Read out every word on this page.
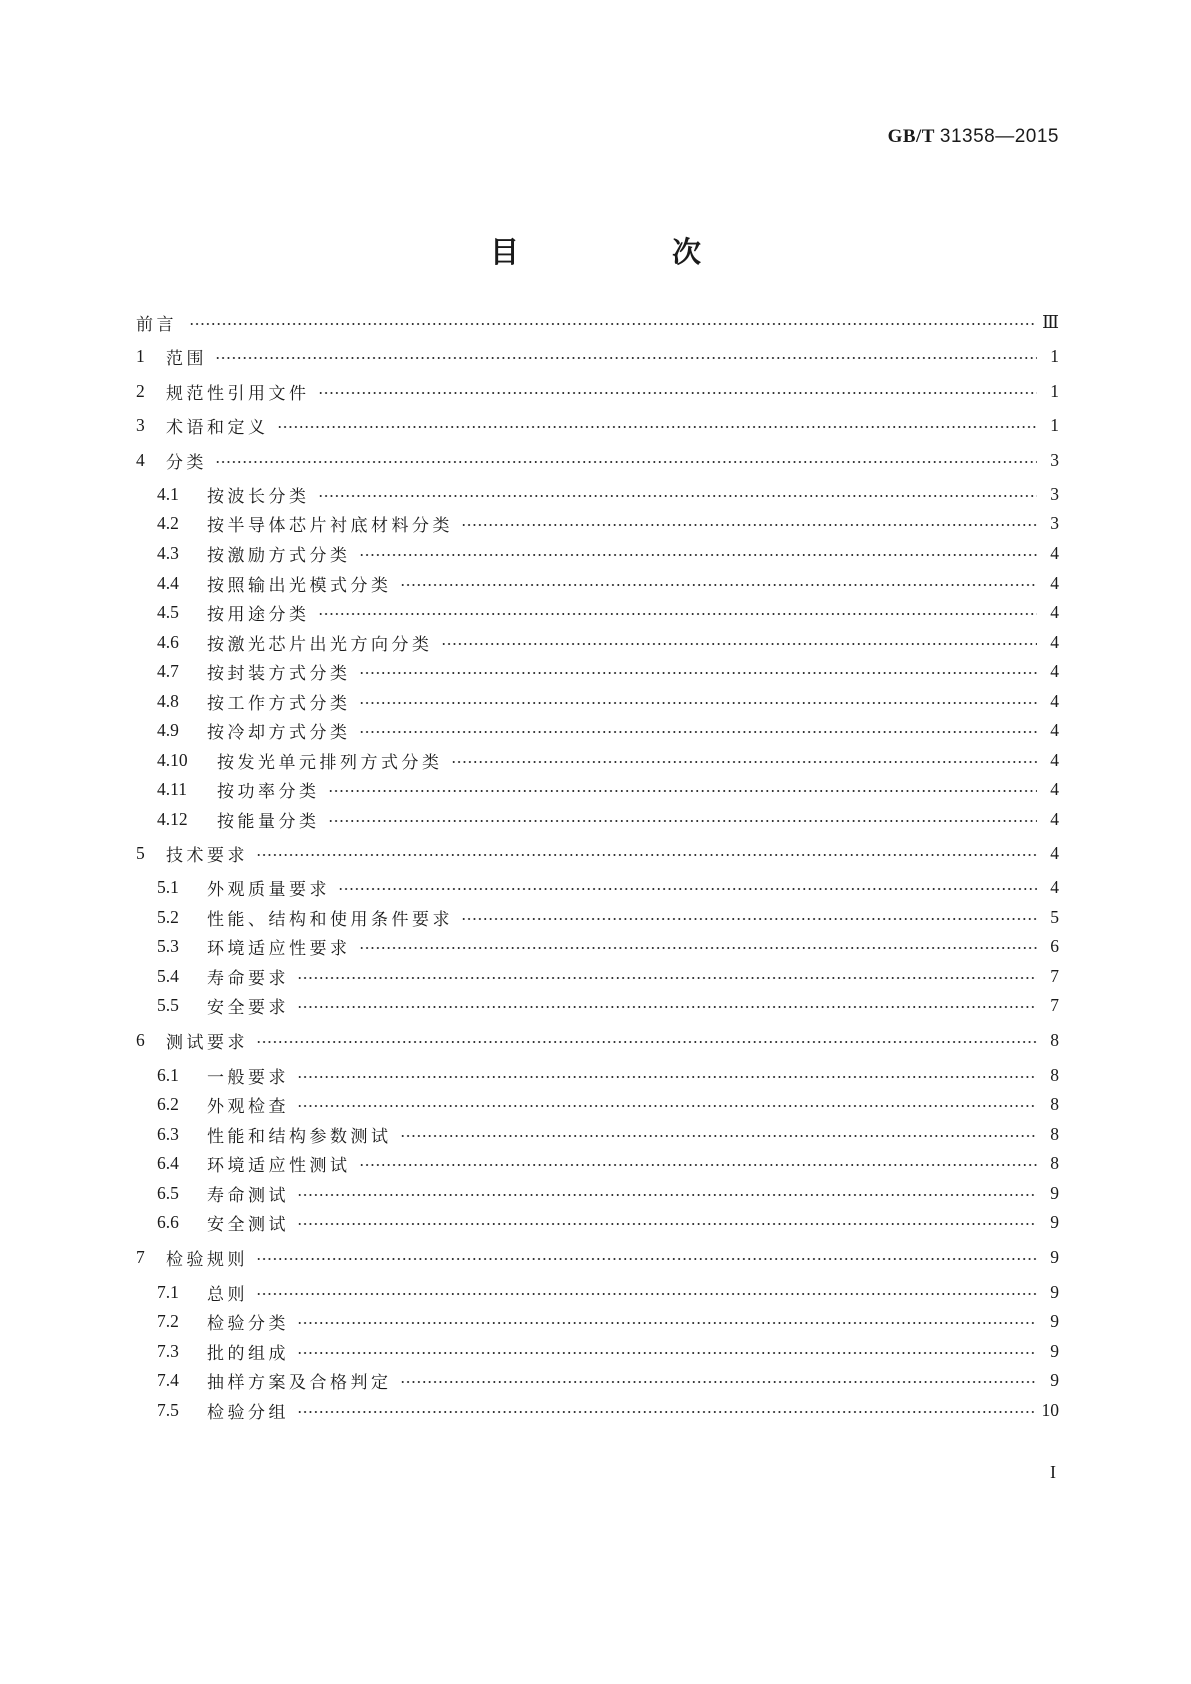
GB/T 31358—2015
目　次
前言	Ⅲ
1	范围	1
2	规范性引用文件	1
3	术语和定义	1
4	分类	3
4.1	按波长分类	3
4.2	按半导体芯片衬底材料分类	3
4.3	按激励方式分类	4
4.4	按照输出光模式分类	4
4.5	按用途分类	4
4.6	按激光芯片出光方向分类	4
4.7	按封装方式分类	4
4.8	按工作方式分类	4
4.9	按冷却方式分类	4
4.10	按发光单元排列方式分类	4
4.11	按功率分类	4
4.12	按能量分类	4
5	技术要求	4
5.1	外观质量要求	4
5.2	性能、结构和使用条件要求	5
5.3	环境适应性要求	6
5.4	寿命要求	7
5.5	安全要求	7
6	测试要求	8
6.1	一般要求	8
6.2	外观检查	8
6.3	性能和结构参数测试	8
6.4	环境适应性测试	8
6.5	寿命测试	9
6.6	安全测试	9
7	检验规则	9
7.1	总则	9
7.2	检验分类	9
7.3	批的组成	9
7.4	抽样方案及合格判定	9
7.5	检验分组	10
I
